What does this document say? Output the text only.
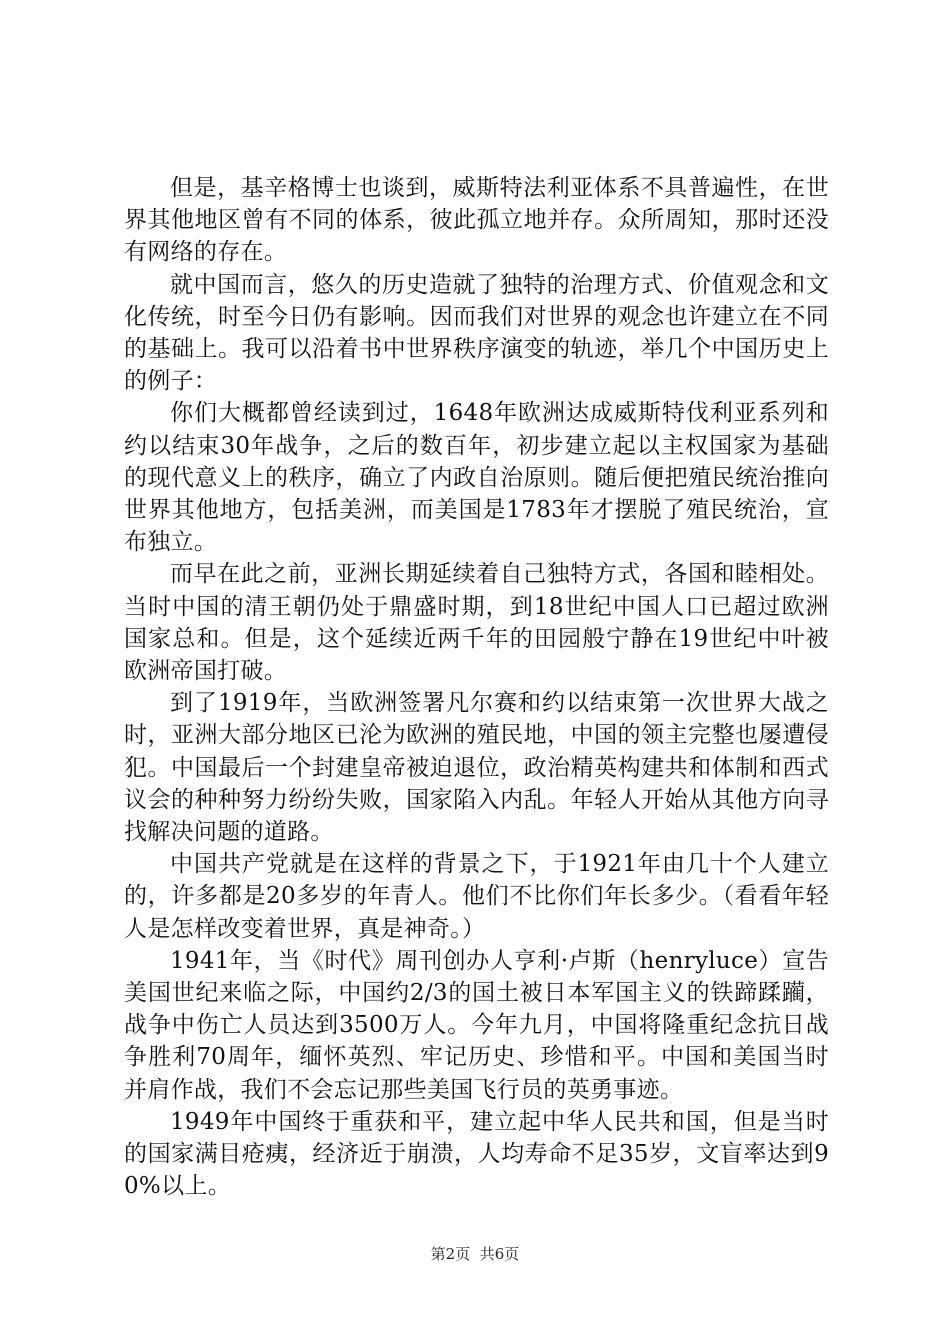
但是，基辛格博士也谈到，威斯特法利亚体系不具普遍性，在世界其他地区曾有不同的体系，彼此孤立地并存。众所周知，那时还没有网络的存在。

就中国而言，悠久的历史造就了独特的治理方式、价值观念和文化传统，时至今日仍有影响。因而我们对世界的观念也许建立在不同的基础上。我可以沿着书中世界秩序演变的轨迹，举几个中国历史上的例子：

你们大概都曾经读到过，1648年欧洲达成威斯特伐利亚系列和约以结束30年战争，之后的数百年，初步建立起以主权国家为基础的现代意义上的秩序，确立了内政自治原则。随后便把殖民统治推向世界其他地方，包括美洲，而美国是1783年才摆脱了殖民统治，宣布独立。

而早在此之前，亚洲长期延续着自己独特方式，各国和睦相处。当时中国的清王朝仍处于鼎盛时期，到18世纪中国人口已超过欧洲国家总和。但是，这个延续近两千年的田园般宁静在19世纪中叶被欧洲帝国打破。

到了1919年，当欧洲签署凡尔赛和约以结束第一次世界大战之时，亚洲大部分地区已沦为欧洲的殖民地，中国的领主完整也屡遭侵犯。中国最后一个封建皇帝被迫退位，政治精英构建共和体制和西式议会的种种努力纷纷失败，国家陷入内乱。年轻人开始从其他方向寻找解决问题的道路。

中国共产党就是在这样的背景之下，于1921年由几十个人建立的，许多都是20多岁的年青人。他们不比你们年长多少。（看看年轻人是怎样改变着世界，真是神奇。）

1941年，当《时代》周刊创办人亨利·卢斯（henryluce）宣告美国世纪来临之际，中国约2/3的国土被日本军国主义的铁蹄蹂躏，战争中伤亡人员达到3500万人。今年九月，中国将隆重纪念抗日战争胜利70周年，缅怀英烈、牢记历史、珍惜和平。中国和美国当时并肩作战，我们不会忘记那些美国飞行员的英勇事迹。

1949年中国终于重获和平，建立起中华人民共和国，但是当时的国家满目疮痍，经济近于崩溃，人均寿命不足35岁，文盲率达到90%以上。

第2页 共6页
